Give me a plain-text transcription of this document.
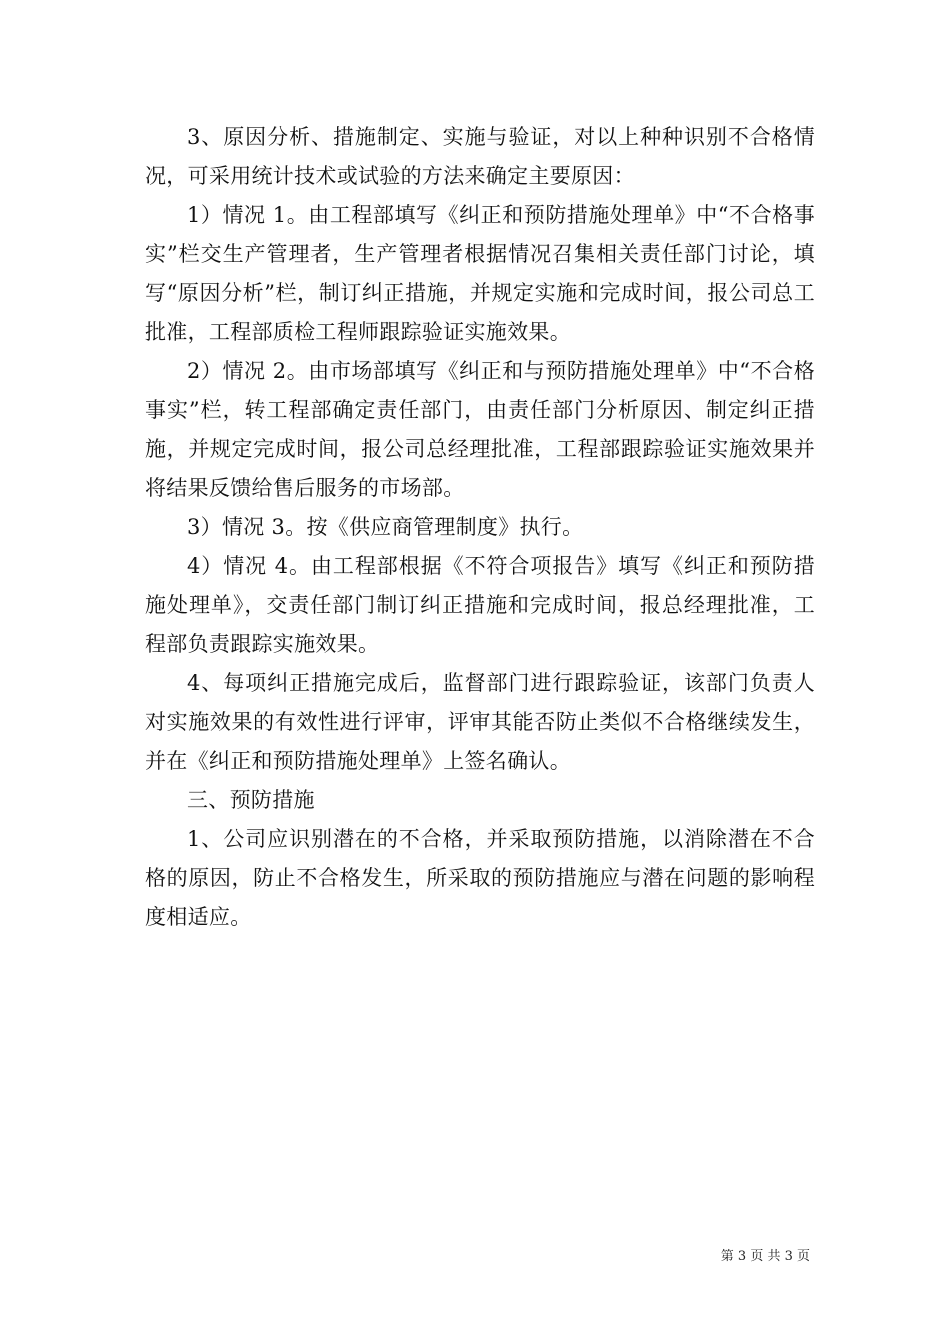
3、原因分析、措施制定、实施与验证，对以上种种识别不合格情况，可采用统计技术或试验的方法来确定主要原因：

1）情况 1。由工程部填写《纠正和预防措施处理单》中“不合格事实”栏交生产管理者，生产管理者根据情况召集相关责任部门讨论，填写“原因分析”栏，制订纠正措施，并规定实施和完成时间，报公司总工批准，工程部质检工程师跟踪验证实施效果。

2）情况 2。由市场部填写《纠正和与预防措施处理单》中“不合格事实”栏，转工程部确定责任部门，由责任部门分析原因、制定纠正措施，并规定完成时间，报公司总经理批准，工程部跟踪验证实施效果并将结果反馈给售后服务的市场部。

3）情况 3。按《供应商管理制度》执行。

4）情况 4。由工程部根据《不符合项报告》填写《纠正和预防措施处理单》，交责任部门制订纠正措施和完成时间，报总经理批准，工程部负责跟踪实施效果。

4、每项纠正措施完成后，监督部门进行跟踪验证，该部门负责人对实施效果的有效性进行评审，评审其能否防止类似不合格继续发生，并在《纠正和预防措施处理单》上签名确认。

三、预防措施

1、公司应识别潜在的不合格，并采取预防措施，以消除潜在不合格的原因，防止不合格发生，所采取的预防措施应与潜在问题的影响程度相适应。

第 3 页 共 3 页
